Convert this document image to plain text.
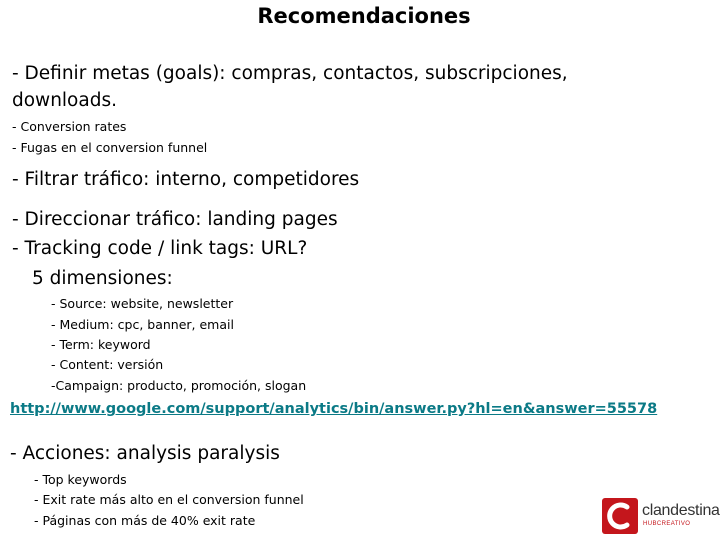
Recomendaciones

- Definir metas (goals): compras, contactos, subscripciones,

downloads.

- Conversion rates

- Fugas en el conversion funnel

- Filtrar tráfico: interno, competidores

- Direccionar tráfico: landing pages

- Tracking code / link tags: URL?

5 dimensiones:

- Source: website, newsletter

- Medium: cpc, banner, email

- Term: keyword

- Content: versión

-Campaign: producto, promoción, slogan

http://www.google.com/support/analytics/bin/answer.py?hl=en&answer=55578

- Acciones: analysis paralysis

- Top keywords

- Exit rate más alto en el conversion funnel

- Páginas con más de 40% exit rate

clandestina
HUBCREATIVO
